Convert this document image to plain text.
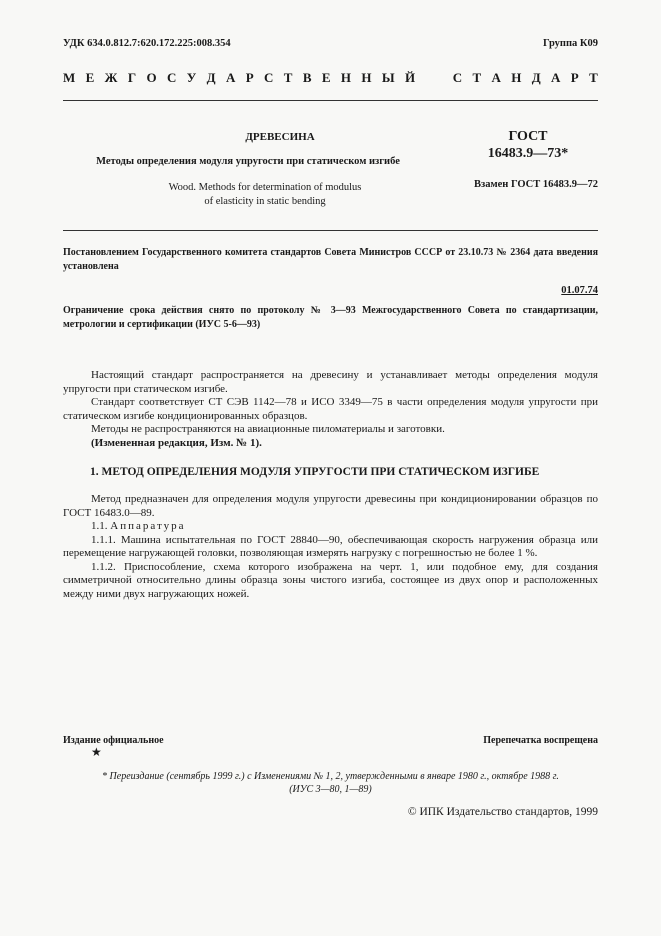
УДК 634.0.812.7:620.172.225:008.354	Группа К09
М Е Ж Г О С У Д А Р С Т В Е Н Н Ы Й

	С Т А Н Д А Р Т
ДРЕВЕСИНА
Методы определения модуля упругости при статическом изгибе
Wood. Methods for determination of modulus
of elasticity in static bending
ГОСТ
16483.9—73*
Взамен ГОСТ 16483.9—72
Постановлением Государственного комитета стандартов Совета Министров СССР от 23.10.73 № 2364 дата введения установлена
01.07.74
Ограничение срока действия снято по протоколу № 3—93 Межгосударственного Совета по стандартизации, метрологии и сертификации (ИУС 5-6—93)

Настоящий стандарт распространяется на древесину и устанавливает методы определения модуля упругости при статическом изгибе.

Стандарт соответствует СТ СЭВ 1142—78 и ИСО 3349—75 в части определения модуля упругости при статическом изгибе кондиционированных образцов.

Методы не распространяются на авиационные пиломатериалы и заготовки.

(Измененная редакция, Изм. № 1).

1. МЕТОД ОПРЕДЕЛЕНИЯ МОДУЛЯ УПРУГОСТИ ПРИ СТАТИЧЕСКОМ ИЗГИБЕ

Метод предназначен для определения модуля упругости древесины при кондиционировании образцов по ГОСТ 16483.0—89.

1.1. Аппаратура

1.1.1. Машина испытательная по ГОСТ 28840—90, обеспечивающая скорость нагружения образца или перемещение нагружающей головки, позволяющая измерять нагрузку с погрешностью не более 1 %.

1.1.2. Приспособление, схема которого изображена на черт. 1, или подобное ему, для создания симметричной относительно длины образца зоны чистого изгиба, состоящее из двух опор и расположенных между ними двух нагружающих ножей.

Издание официальное
★
Перепечатка воспрещена
* Переиздание (сентябрь 1999 г.) с Изменениями № 1, 2, утвержденными в январе 1980 г., октябре 1988 г.
(ИУС 3—80, 1—89)
© ИПК Издательство стандартов, 1999
